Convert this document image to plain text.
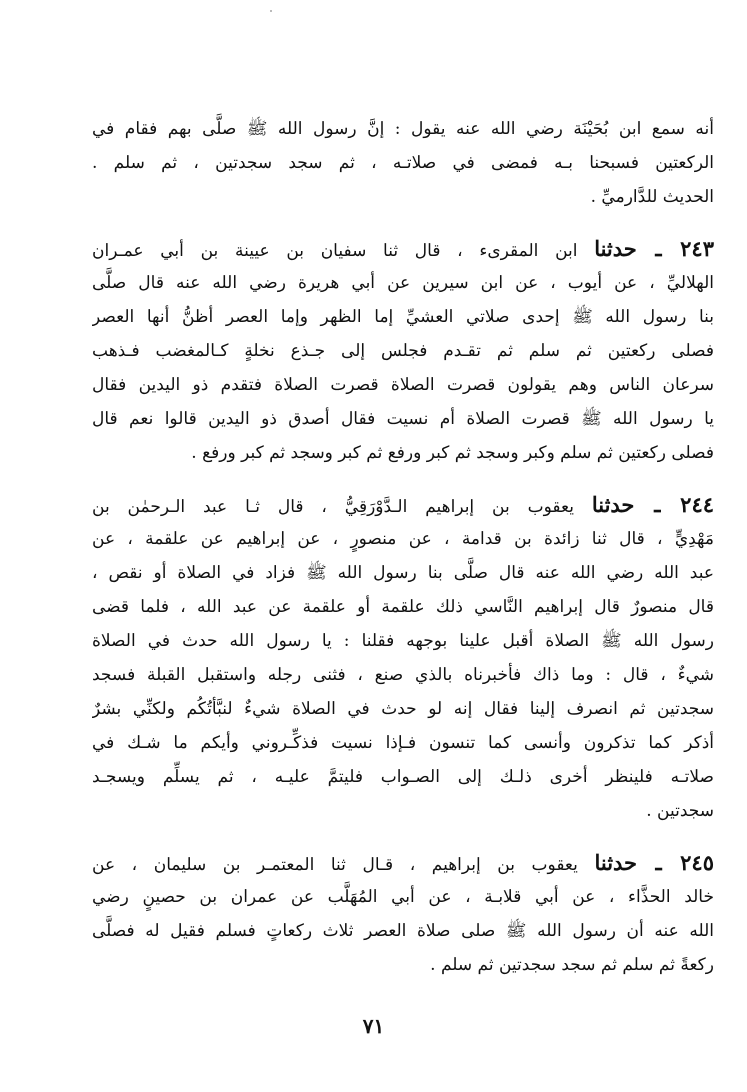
أنه سمع ابن بُحَيْنَة رضي الله عنه يقول : إنَّ رسول الله ﷺ صلَّى بهم فقام في
الركعتين فسبحنا بـه فمضى في صلاتـه ، ثم سجد سجدتين ، ثم سلم .
الحديث للدَّارميِّ .
٢٤٣ ـ حدثنا ابن المقرىء ، قال ثنا سفيان بن عيينة بن أبي عمـران
الهلاليِّ ، عن أيوب ، عن ابن سيرين عن أبي هريرة رضي الله عنه قال صلَّى
بنا رسول الله ﷺ إحدى صلاتي العشيِّ إما الظهر وإما العصر أظنُّ أنها العصر
فصلى ركعتين ثم سلم ثم تقـدم فجلس إلى جـذع نخلةٍ كـالمغضب فـذهب
سرعان الناس وهم يقولون قصرت الصلاة قصرت الصلاة فتقدم ذو اليدين فقال
يا رسول الله ﷺ قصرت الصلاة أم نسيت فقال أصدق ذو اليدين قالوا نعم قال
فصلى ركعتين ثم سلم وكبر وسجد ثم كبر ورفع ثم كبر وسجد ثم كبر ورفع .
٢٤٤ ـ حدثنا يعقوب بن إبراهيم الـدَّوْرَقِيُّ ، قال ثـا عبد الـرحمٰن بن
مَهْدِيٍّ ، قال ثنا زائدة بن قدامة ، عن منصورٍ ، عن إبراهيم عن علقمة ، عن
عبد الله رضي الله عنه قال صلَّى بنا رسول الله ﷺ فزاد في الصلاة أو نقص ،
قال منصورٌ قال إبراهيم النَّاسي ذلك علقمة أو علقمة عن عبد الله ، فلما قضى
رسول الله ﷺ الصلاة أقبل علينا بوجهه فقلنا : يا رسول الله حدث في الصلاة
شيءٌ ، قال : وما ذاك فأخبرناه بالذي صنع ، فثنى رجله واستقبل القبلة فسجد
سجدتين ثم انصرف إلينا فقال إنه لو حدث في الصلاة شيءٌ لنبَّأتُكُم ولكنِّي بشرٌ
أذكر كما تذكرون وأنسى كما تنسون فـإذا نسيت فذكِّـروني وأيكم ما شـك في
صلاتـه فلينظر أخرى ذلـك إلى الصـواب فليتمَّ عليـه ، ثم يسلِّم ويسجـد
سجدتين .
٢٤٥ ـ حدثنا يعقوب بن إبراهيم ، قـال ثنا المعتمـر بن سليمان ، عن
خالد الحذَّاء ، عن أبي قلابـة ، عن أبي المُهَلَّب عن عمران بن حصينٍ رضي
الله عنه أن رسول الله ﷺ صلى صلاة العصر ثلاث ركعاتٍ فسلم فقيل له فصلَّى
ركعةً ثم سلم ثم سجد سجدتين ثم سلم .
٧١
